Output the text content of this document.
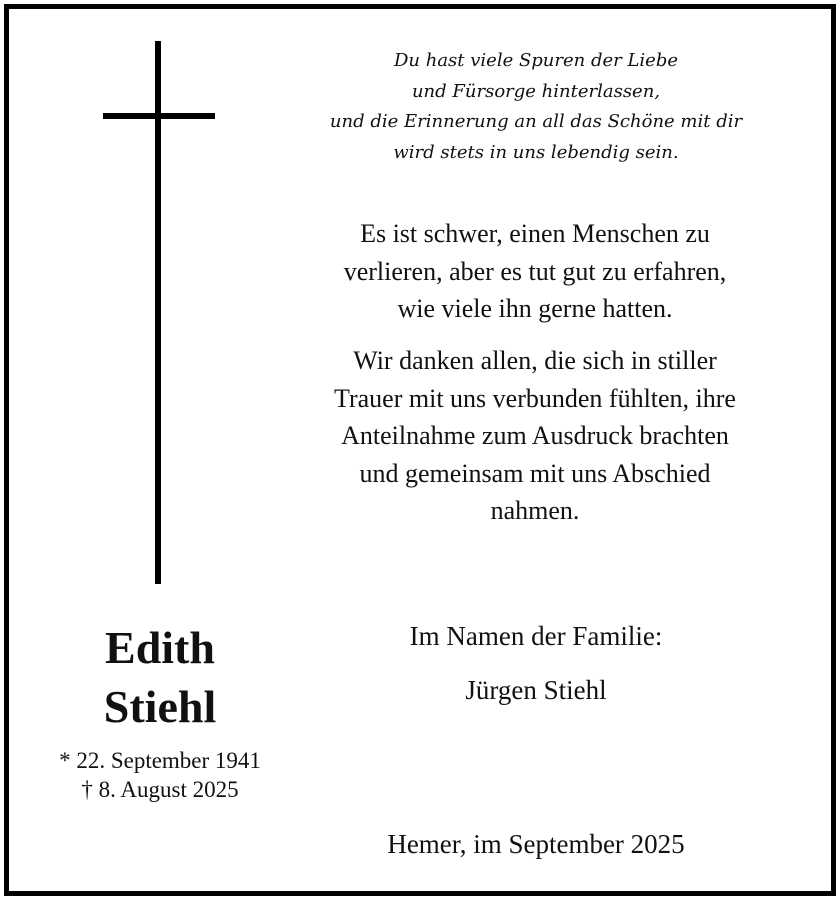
Du hast viele Spuren der Liebe
und Fürsorge hinterlassen,
und die Erinnerung an all das Schöne mit dir
wird stets in uns lebendig sein.
Es ist schwer, einen Menschen zu
verlieren, aber es tut gut zu erfahren,
wie viele ihn gerne hatten.
Wir danken allen, die sich in stiller
Trauer mit uns verbunden fühlten, ihre
Anteilnahme zum Ausdruck brachten
und gemeinsam mit uns Abschied
nahmen.
Edith
Stiehl
* 22. September 1941
† 8. August 2025
Im Namen der Familie:
Jürgen Stiehl
Hemer, im September 2025
